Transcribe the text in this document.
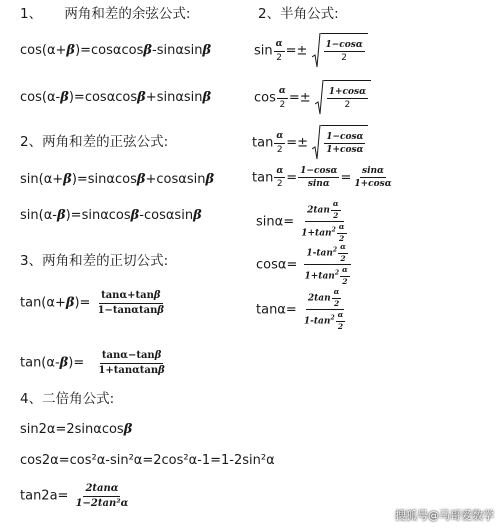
1、 两角和差的余弦公式:
cos(α+β)=cosαcosβ-sinαsinβ
cos(α-β)=cosαcosβ+sinαsinβ
2、两角和差的正弦公式:
sin(α+β)=sinαcosβ+cosαsinβ
sin(α-β)=sinαcosβ-cosαsinβ
3、两角和差的正切公式:
$\tan(\alpha+\beta)= \frac{\tan\alpha+\tan\beta}{1-\tan\alpha\tan\beta}$
$\tan(\alpha-\beta)= \frac{\tan\alpha-\tan\beta}{1+\tan\alpha\tan\beta}$
4、二倍角公式:
sin2α=2sinαcosβ
cos2α=cos²α-sin²α=2cos²α-1=1-2sin²α
$\tan 2a= \frac{2\tan\alpha}{\text{1−2tan²α}}$
2、半角公式:
$\sin \frac{\alpha}{2} =\pm 1-\cos\alpha$
2
$\cos \frac{\alpha}{2} =\pm 1+\cos\alpha$
2
$\tan \frac{\alpha}{2} =\pm 1-\cos\alpha$
1+cosα
$\tan \frac{\alpha}{2} = \frac{1-\cos\alpha}{\sin\alpha} = \frac{\sin\alpha}{1+\cos\alpha}$
$\sin\alpha= \frac{2\tan \frac{\alpha}{2}}{1+\tan^2 \frac{\alpha}{2}}$
$\cos\alpha= \frac{1-\tan^2 \frac{\alpha}{2}}{1+\tan^2 \frac{\alpha}{2}}$
$\tan\alpha= \frac{2\tan \frac{\alpha}{2}}{1-\tan^2 \frac{\alpha}{2}}$
搜狐号@马哥爱数学
